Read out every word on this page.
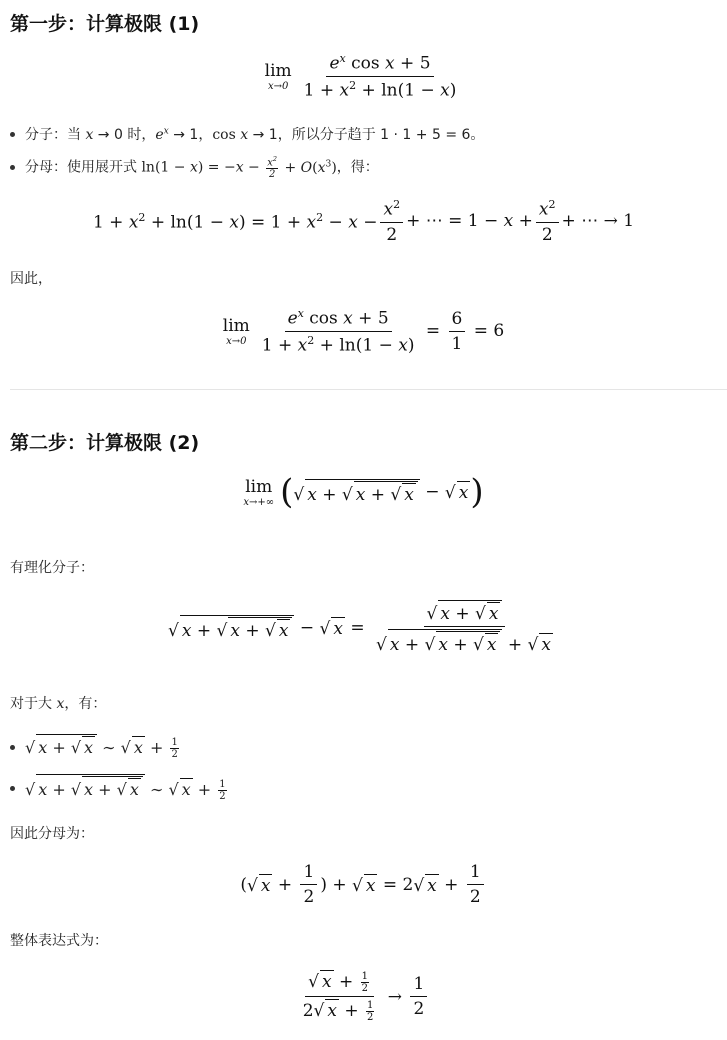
第一步：计算极限 (1)
lim
$x\to 0 \frac{e^x \cos x + 5}{1 + x^2 + \ln(1 - x)}$
分子：当 x → 0 时，$e^x \to 1$，cos x → 1，所以分子趋于 1 · 1 + 5 = 6。
分母：使用展开式 $\ln(1 - x) = -x - \frac{x^2}{2} + O(x^3)$，得：
$1 + x^2 + \ln(1 - x) = 1 + x^2 - x - \frac{x^2}{2}$ + ⋯ = $1 - x + \frac{x^2}{2}$ + ⋯ → 1
因此，
lim
$x\to 0 \frac{e^x \cos x + 5}{1 + x^2 + \ln(1 - x)} = \frac{6}{1} = 6$
第二步：计算极限 (2)
lim
x→+∞ ( √ x + √ x + √ x − √ x )
有理化分子：
√ x + √ x + √ x − √ $x = \frac{√ x + √ x}{√ x + √ x + √ x + √ x}$
对于大 x，有：
√ x + √ x ∼ √ $x + \frac{1}{2}$
√ x + √ x + √ x ∼ √ $x + \frac{1}{2}$
因此分母为：
( √ $x + \frac{1}{2}$ ) + √ x = 2 √ $x + \frac{1}{2}$
整体表达式为：
$\frac{√ x + \frac{1}{2}}{2 √ x + \frac{1}{2}} \to \frac{1}{2}$
